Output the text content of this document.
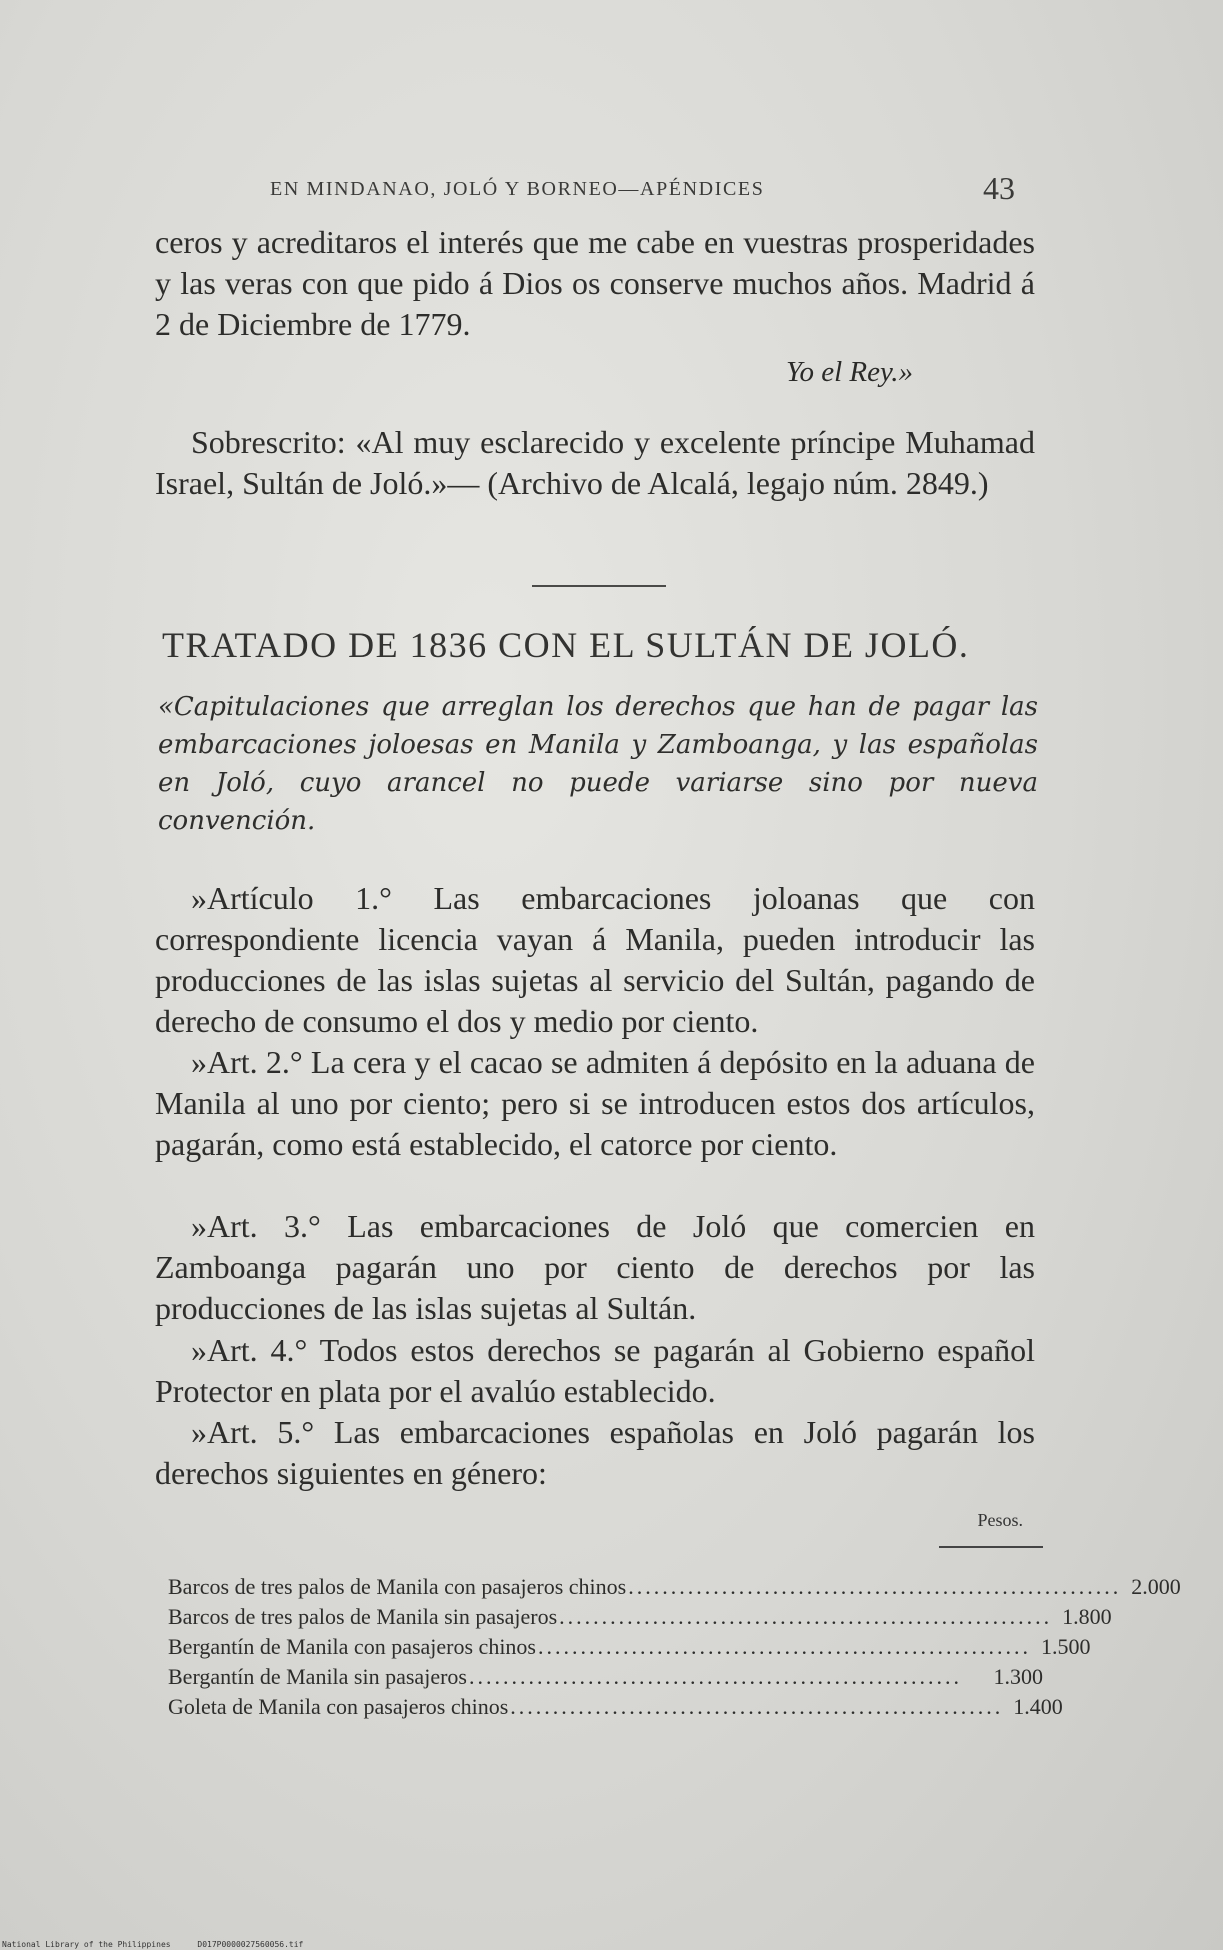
EN MINDANAO, JOLÓ Y BORNEO—APÉNDICES	43

ceros y acreditaros el interés que me cabe en vuestras prosperidades y las veras con que pido á Dios os conserve muchos años. Madrid á 2 de Diciembre de 1779.

Yo el Rey.»

Sobrescrito: «Al muy esclarecido y excelente príncipe Muhamad Israel, Sultán de Joló.»— (Archivo de Alcalá, legajo núm. 2849.)

TRATADO DE 1836 CON EL SULTÁN DE JOLÓ.

«Capitulaciones que arreglan los derechos que han de pagar las embarcaciones joloesas en Manila y Zamboanga, y las españolas en Joló, cuyo arancel no puede variarse sino por nueva convención.

»Artículo 1.° Las embarcaciones joloanas que con correspondiente licencia vayan á Manila, pueden introducir las producciones de las islas sujetas al servicio del Sultán, pagando de derecho de consumo el dos y medio por ciento.

»Art. 2.° La cera y el cacao se admiten á depósito en la aduana de Manila al uno por ciento; pero si se introducen estos dos artículos, pagarán, como está establecido, el catorce por ciento.

»Art. 3.° Las embarcaciones de Joló que comercien en Zamboanga pagarán uno por ciento de derechos por las producciones de las islas sujetas al Sultán.

»Art. 4.° Todos estos derechos se pagarán al Gobierno español Protector en plata por el avalúo establecido.

»Art. 5.° Las embarcaciones españolas en Joló pagarán los derechos siguientes en género:

Pesos.
Barcos de tres palos de Manila con pasajeros chinos .......................................................... 2.000
Barcos de tres palos de Manila sin pasajeros .......................................................... 1.800
Bergantín de Manila con pasajeros chinos .......................................................... 1.500
Bergantín de Manila sin pasajeros ..........................................................	1.300
Goleta de Manila con pasajeros chinos .......................................................... 1.400
National Library of the Philippines	D017P0000027560056.tif
